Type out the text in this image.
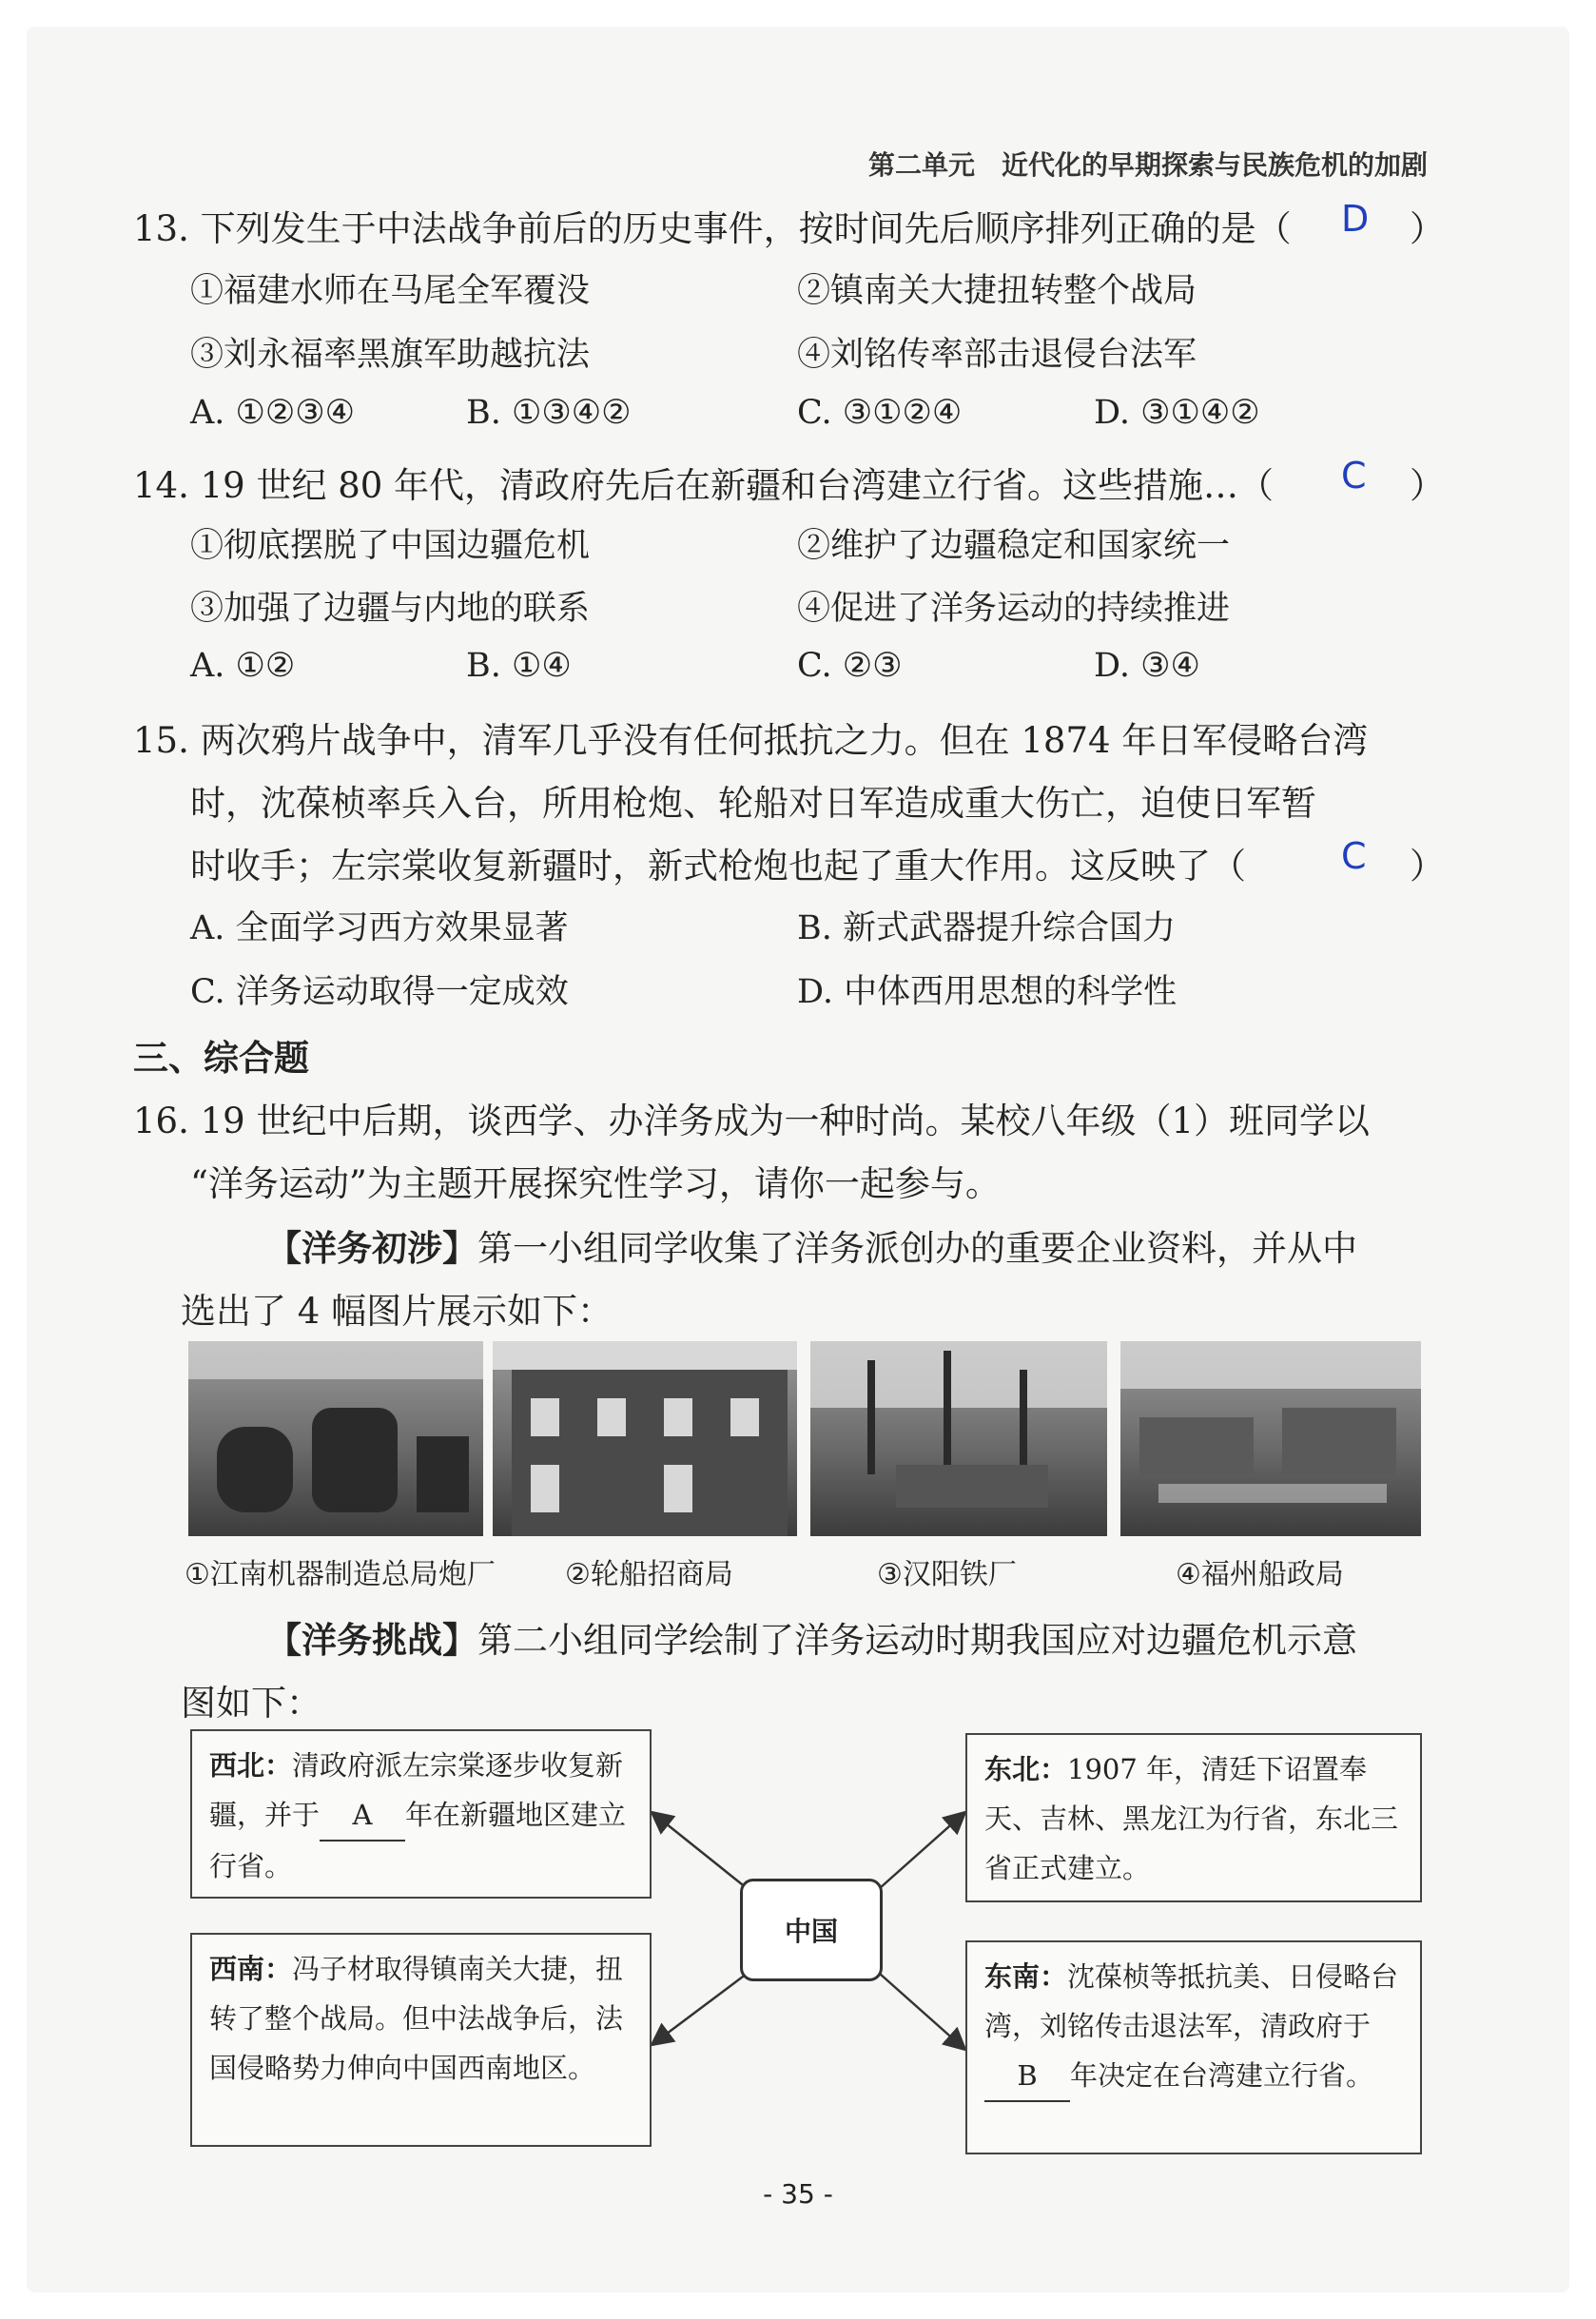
第二单元　近代化的早期探索与民族危机的加剧
13. 下列发生于中法战争前后的历史事件，按时间先后顺序排列正确的是（ D ）
①福建水师在马尾全军覆没	②镇南关大捷扭转整个战局
③刘永福率黑旗军助越抗法	④刘铭传率部击退侵台法军
A. ①②③④	B. ①③④②	C. ③①②④	D. ③①④②
14. 19 世纪 80 年代，清政府先后在新疆和台湾建立行省。这些措施…（ C ）
①彻底摆脱了中国边疆危机	②维护了边疆稳定和国家统一
③加强了边疆与内地的联系	④促进了洋务运动的持续推进
A. ①②	B. ①④	C. ②③	D. ③④
15. 两次鸦片战争中，清军几乎没有任何抵抗之力。但在 1874 年日军侵略台湾
时，沈葆桢率兵入台，所用枪炮、轮船对日军造成重大伤亡，迫使日军暂
时收手；左宗棠收复新疆时，新式枪炮也起了重大作用。这反映了（	C ）
A. 全面学习西方效果显著	B. 新式武器提升综合国力
C. 洋务运动取得一定成效	D. 中体西用思想的科学性
三、综合题
16. 19 世纪中后期，谈西学、办洋务成为一种时尚。某校八年级（1）班同学以
“洋务运动”为主题开展探究性学习，请你一起参与。
【洋务初涉】第一小组同学收集了洋务派创办的重要企业资料，并从中
选出了 4 幅图片展示如下：
①江南机器制造总局炮厂 ②轮船招商局	③汉阳铁厂	④福州船政局
【洋务挑战】第二小组同学绘制了洋务运动时期我国应对边疆危机示意
图如下：
中国
西北：清政府派左宗棠逐步收复新疆，并于 A 年在新疆地区建立行省。
东北：1907 年，清廷下诏置奉天、吉林、黑龙江为行省，东北三省正式建立。
西南：冯子材取得镇南关大捷，扭转了整个战局。但中法战争后，法国侵略势力伸向中国西南地区。
东南：沈葆桢等抵抗美、日侵略台湾，刘铭传击退法军，清政府于B 年决定在台湾建立行省。
- 35 -
